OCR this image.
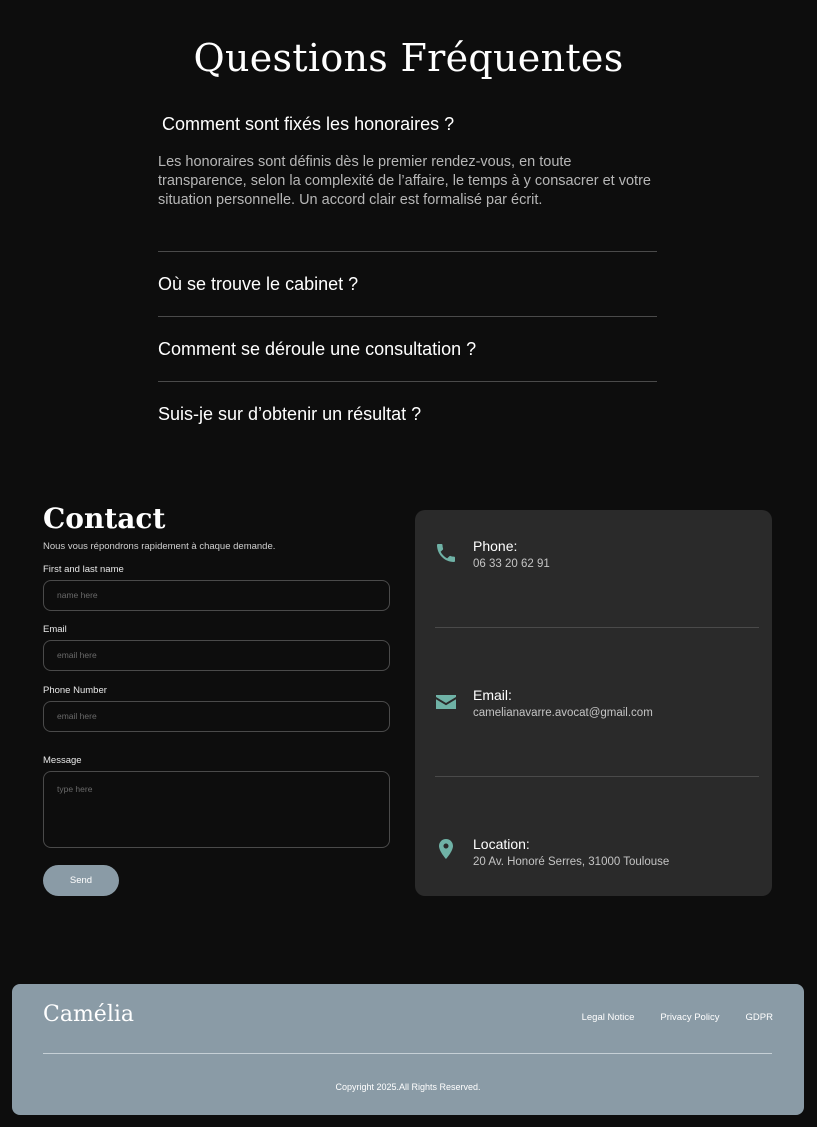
Questions Fréquentes
Comment sont fixés les honoraires ?

Les honoraires sont définis dès le premier rendez-vous, en toute transparence, selon la complexité de l’affaire, le temps à y consacrer et votre situation personnelle. Un accord clair est formalisé par écrit.

Où se trouve le cabinet ?
Comment se déroule une consultation ?
Suis-je sur d’obtenir un résultat ?
Contact

Nous vous répondrons rapidement à chaque demande.

First and last name
name here
Email
email here
Phone Number
email here
Message
type here
Send
Phone:
06 33 20 62 91
Email:
camelianavarre.avocat@gmail.com
Location:
20 Av. Honoré Serres, 31000 Toulouse
Camélia	Legal Notice	Privacy Policy	GDPR
Copyright 2025.All Rights Reserved.
